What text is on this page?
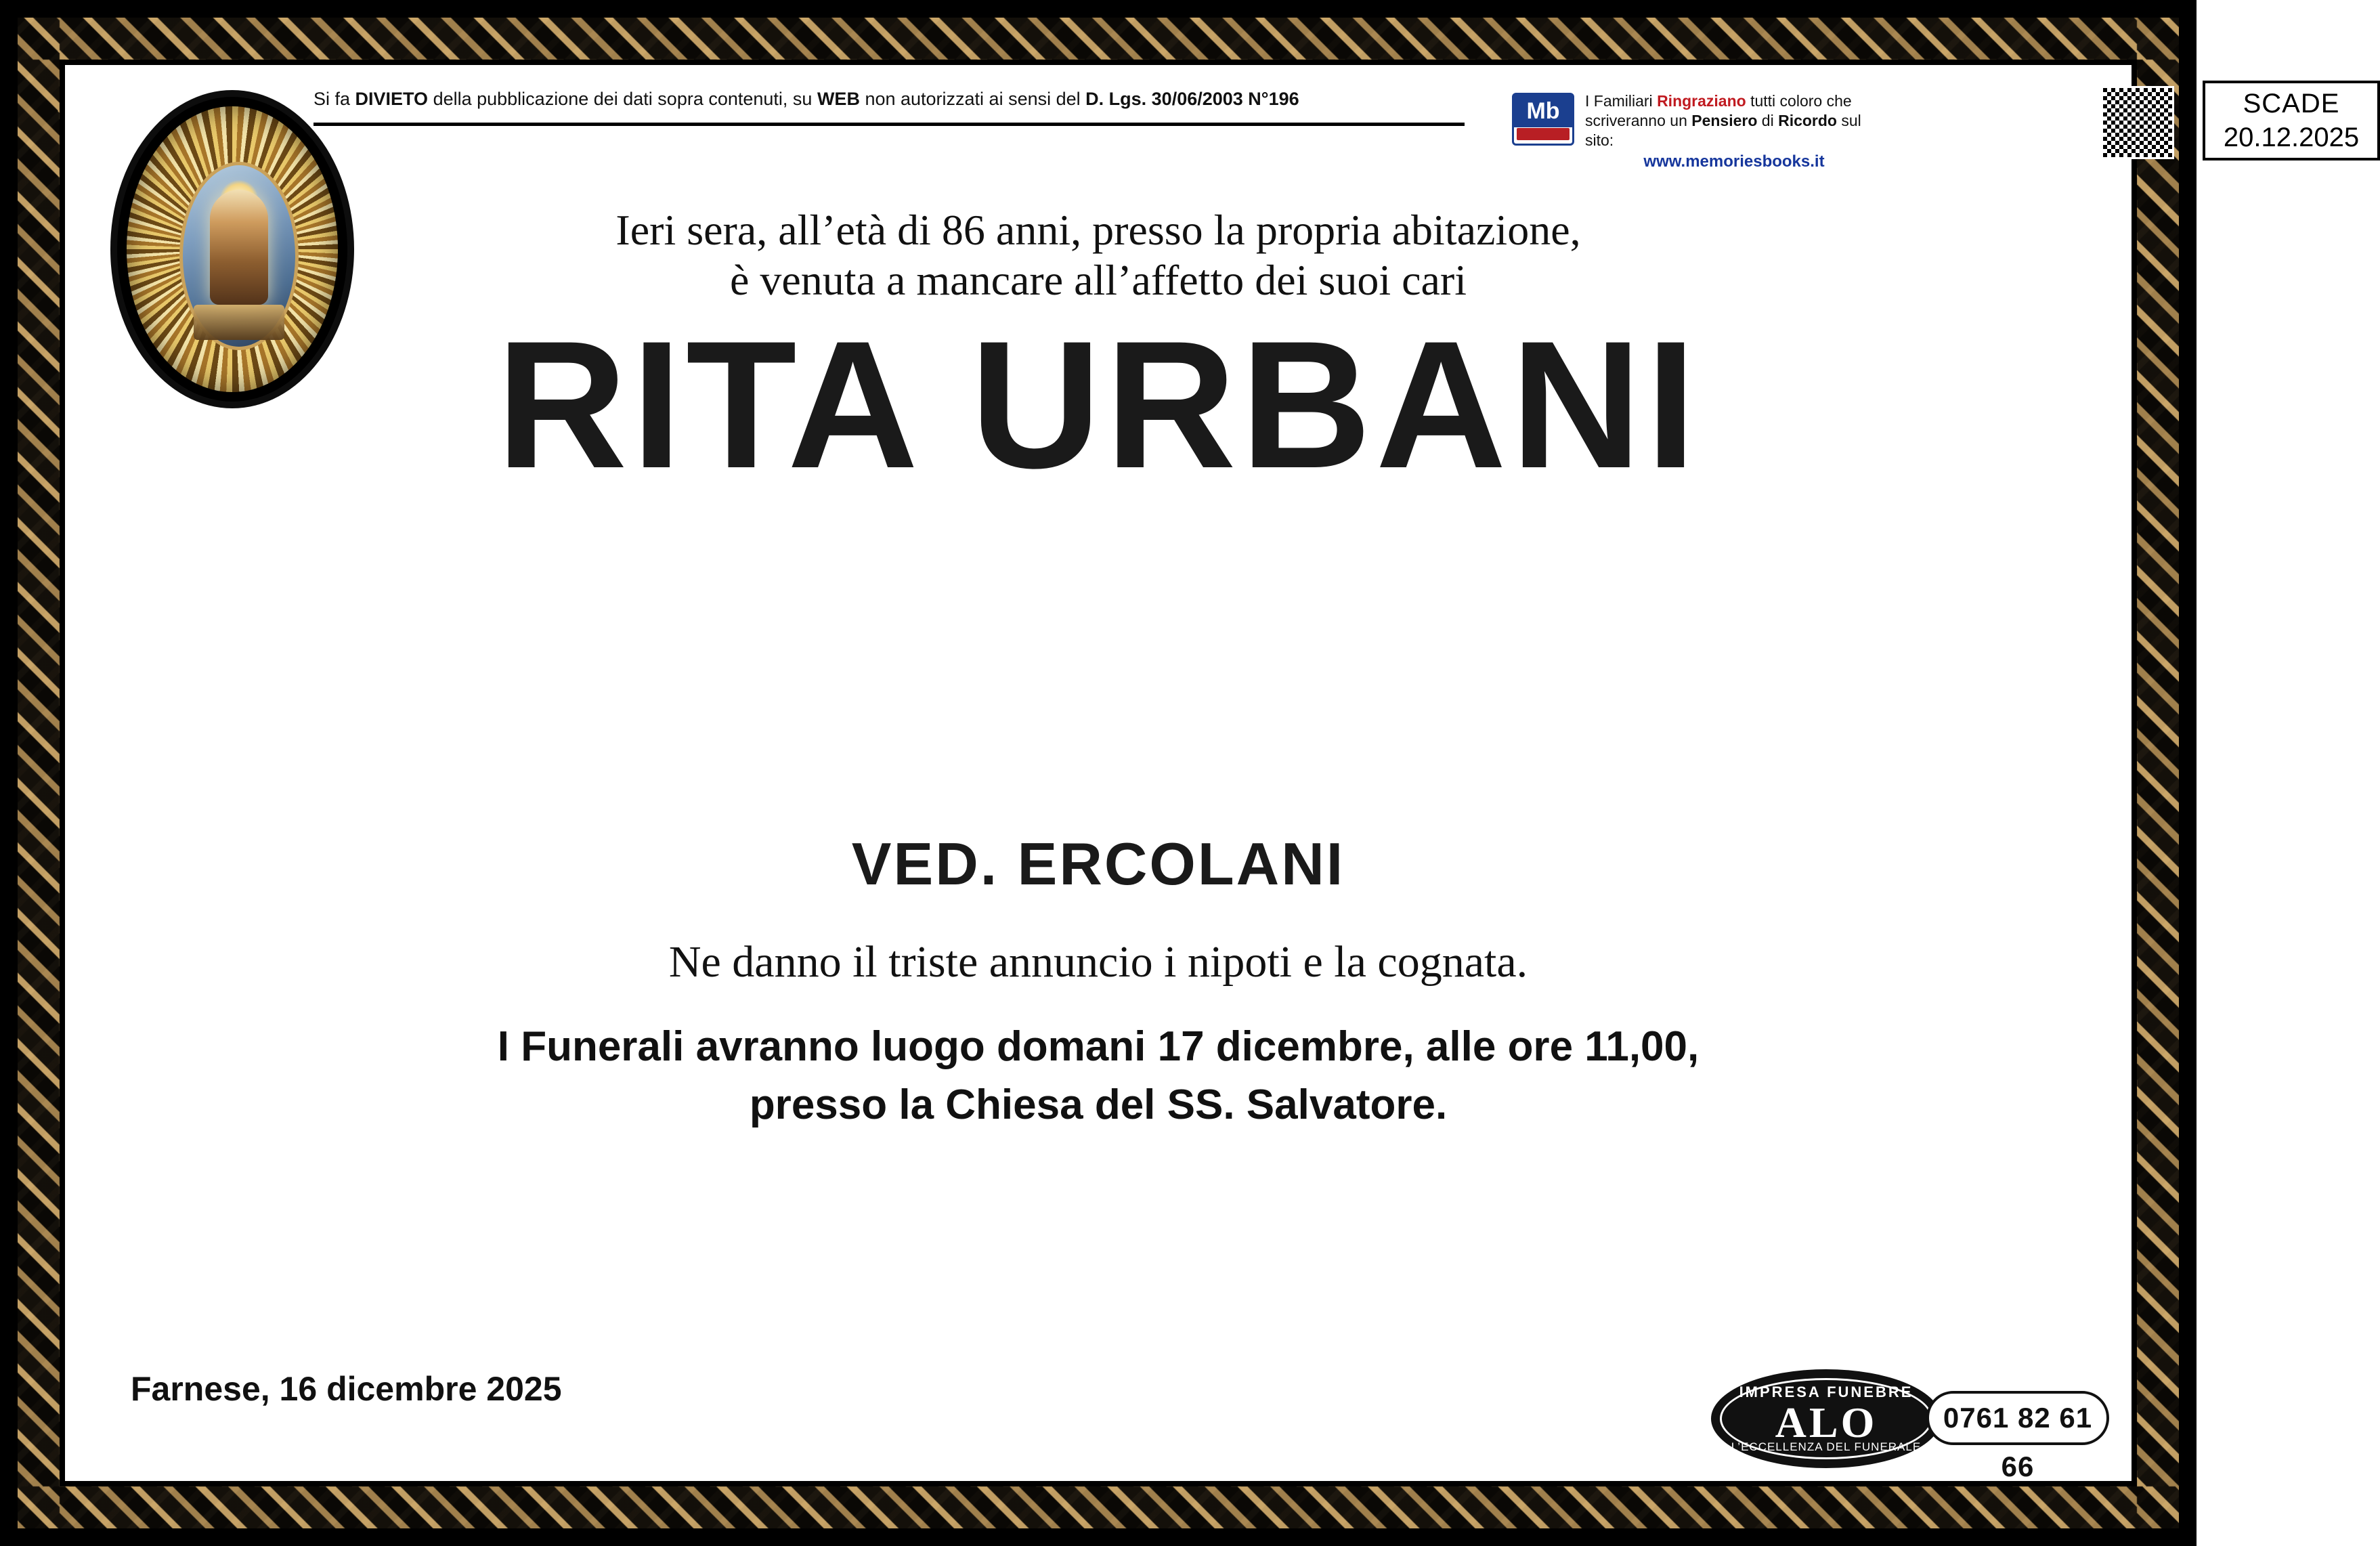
Si fa DIVIETO della pubblicazione dei dati sopra contenuti, su WEB non autorizzati ai sensi del D. Lgs. 30/06/2003 N°196	Mb	I Familiari Ringraziano tutti coloro che
scriveranno un Pensiero di Ricordo sul sito:
www.memoriesbooks.it
SCADE
20.12.2025
Ieri sera, all’età di 86 anni, presso la propria abitazione,
è venuta a mancare all’affetto dei suoi cari
RITA URBANI
VED. ERCOLANI
Ne danno il triste annuncio i nipoti e la cognata.
I Funerali avranno luogo domani 17 dicembre, alle ore 11,00,
presso la Chiesa del SS. Salvatore.
Farnese, 16 dicembre 2025	IMPRESA FUNEBRE
ALO
L’ECCELLENZA DEL FUNERALE
0761 82 61 66
